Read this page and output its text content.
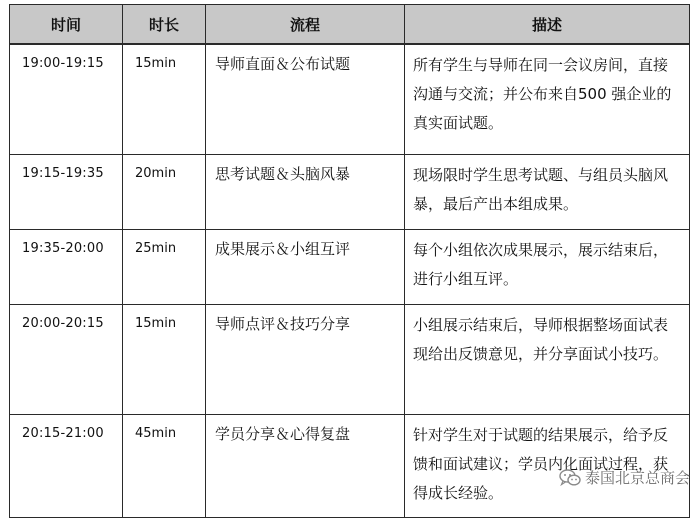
时间	时长	流程	描述
19:00-19:15	15min	导师直面＆公布试题	所有学生与导师在同一会议房间，直接沟通与交流；并公布来自500 强企业的真实面试题。
19:15-19:35	20min	思考试题＆头脑风暴	现场限时学生思考试题、与组员头脑风暴，最后产出本组成果。
19:35-20:00	25min	成果展示＆小组互评	每个小组依次成果展示，展示结束后，进行小组互评。
20:00-20:15	15min	导师点评＆技巧分享	小组展示结束后，导师根据整场面试表现给出反馈意见，并分享面试小技巧。
20:15-21:00	45min	学员分享＆心得复盘	针对学生对于试题的结果展示，给予反馈和面试建议；学员内化面试过程，获得成长经验。
泰国北京总商会
